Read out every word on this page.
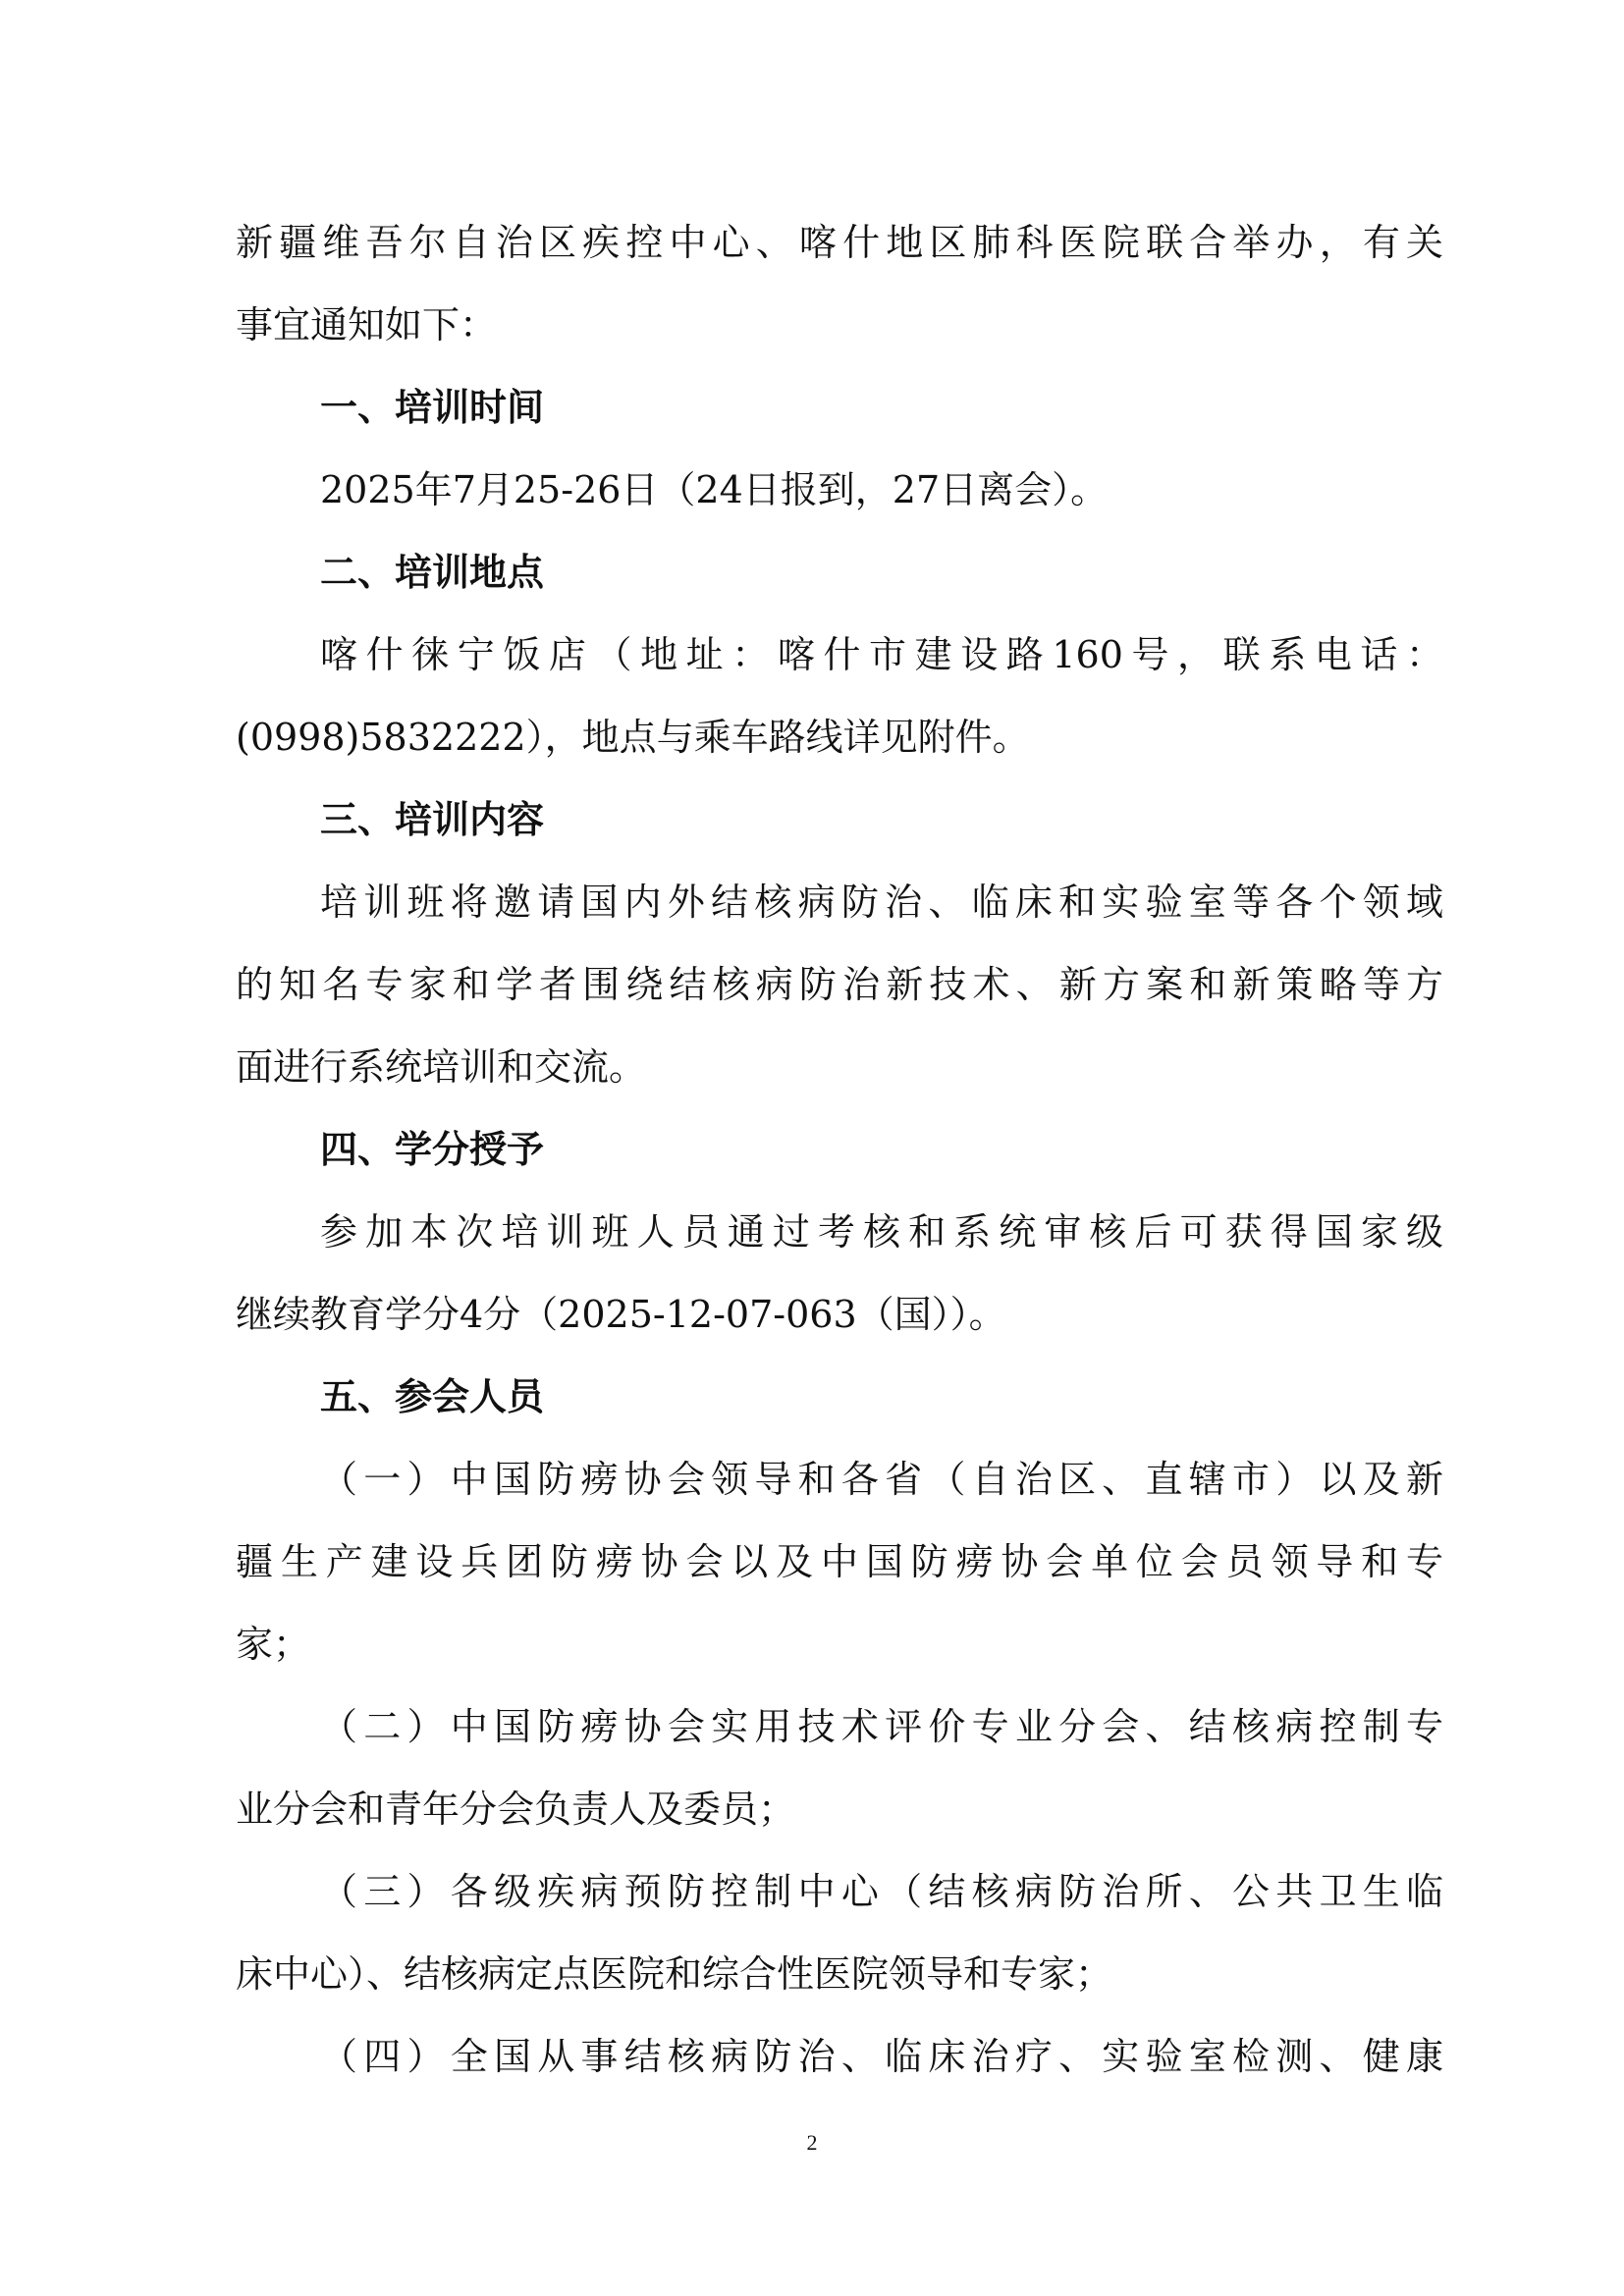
新疆维吾尔自治区疾控中心、喀什地区肺科医院联合举办，有关
事宜通知如下：
一、培训时间
2025年7月25-26日（24日报到，27日离会）。
二、培训地点
喀什徕宁饭店（地址：喀什市建设路160号，联系电话：
(0998)5832222），地点与乘车路线详见附件。
三、培训内容
培训班将邀请国内外结核病防治、临床和实验室等各个领域
的知名专家和学者围绕结核病防治新技术、新方案和新策略等方
面进行系统培训和交流。
四、学分授予
参加本次培训班人员通过考核和系统审核后可获得国家级
继续教育学分4分（2025-12-07-063（国））。
五、参会人员
（一）中国防痨协会领导和各省（自治区、直辖市）以及新
疆生产建设兵团防痨协会以及中国防痨协会单位会员领导和专
家；
（二）中国防痨协会实用技术评价专业分会、结核病控制专
业分会和青年分会负责人及委员；
（三）各级疾病预防控制中心（结核病防治所、公共卫生临
床中心）、结核病定点医院和综合性医院领导和专家；
（四）全国从事结核病防治、临床治疗、实验室检测、健康
2
